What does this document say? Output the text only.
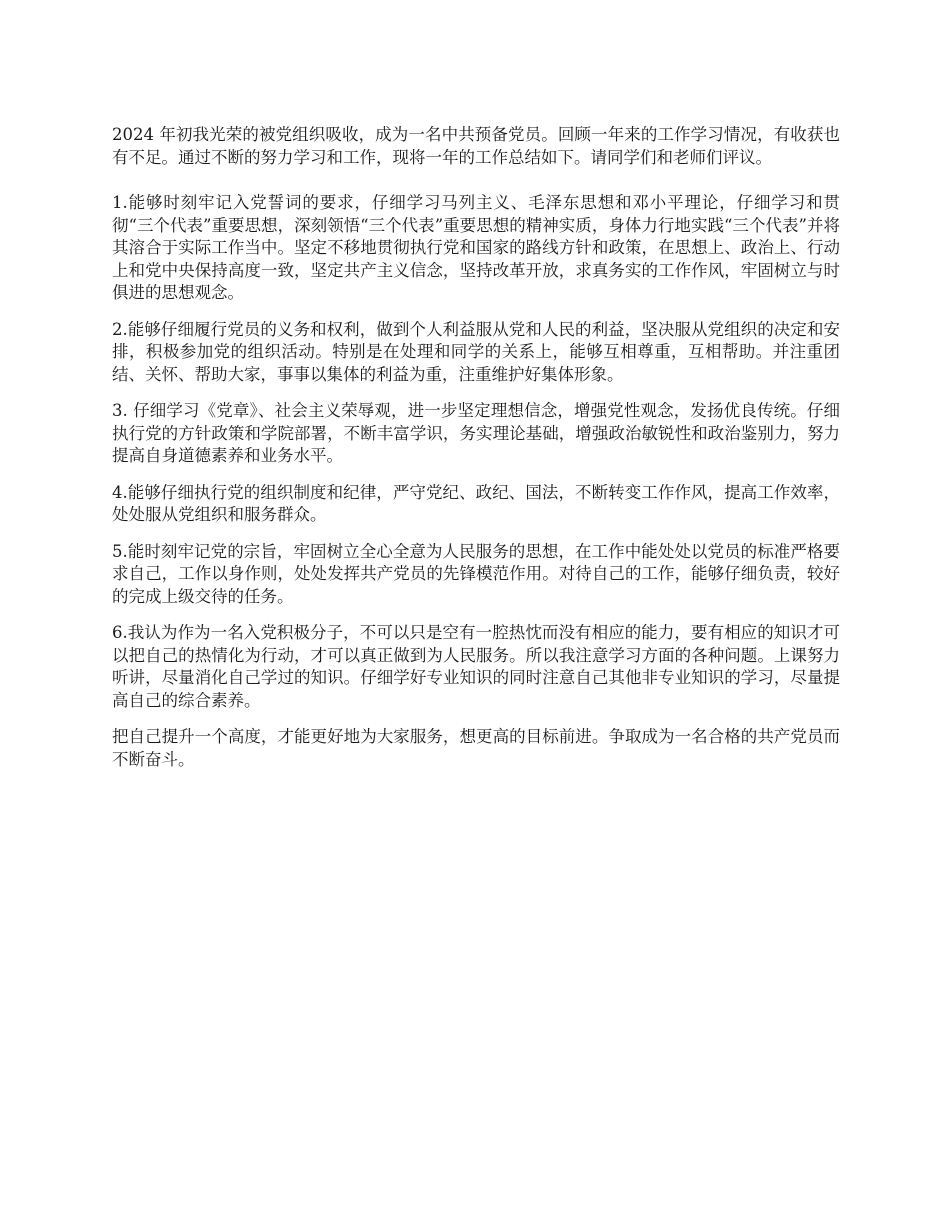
2024 年初我光荣的被党组织吸收，成为一名中共预备党员。回顾一年来的工作学习情况，有收获也有不足。通过不断的努力学习和工作，现将一年的工作总结如下。请同学们和老师们评议。

1.能够时刻牢记入党誓词的要求，仔细学习马列主义、毛泽东思想和邓小平理论，仔细学习和贯彻“三个代表”重要思想，深刻领悟“三个代表”重要思想的精神实质，身体力行地实践“三个代表”并将其溶合于实际工作当中。坚定不移地贯彻执行党和国家的路线方针和政策，在思想上、政治上、行动上和党中央保持高度一致，坚定共产主义信念，坚持改革开放，求真务实的工作作风，牢固树立与时俱进的思想观念。

2.能够仔细履行党员的义务和权利，做到个人利益服从党和人民的利益，坚决服从党组织的决定和安排，积极参加党的组织活动。特别是在处理和同学的关系上，能够互相尊重，互相帮助。并注重团结、关怀、帮助大家，事事以集体的利益为重，注重维护好集体形象。

3. 仔细学习《党章》、社会主义荣辱观，进一步坚定理想信念，增强党性观念，发扬优良传统。仔细执行党的方针政策和学院部署，不断丰富学识，务实理论基础，增强政治敏锐性和政治鉴别力，努力提高自身道德素养和业务水平。

4.能够仔细执行党的组织制度和纪律，严守党纪、政纪、国法，不断转变工作作风，提高工作效率，处处服从党组织和服务群众。

5.能时刻牢记党的宗旨，牢固树立全心全意为人民服务的思想，在工作中能处处以党员的标准严格要求自己，工作以身作则，处处发挥共产党员的先锋模范作用。对待自己的工作，能够仔细负责，较好的完成上级交待的任务。

6.我认为作为一名入党积极分子，不可以只是空有一腔热忱而没有相应的能力，要有相应的知识才可以把自己的热情化为行动，才可以真正做到为人民服务。所以我注意学习方面的各种问题。上课努力听讲，尽量消化自己学过的知识。仔细学好专业知识的同时注意自己其他非专业知识的学习，尽量提高自己的综合素养。

把自己提升一个高度，才能更好地为大家服务，想更高的目标前进。争取成为一名合格的共产党员而不断奋斗。
